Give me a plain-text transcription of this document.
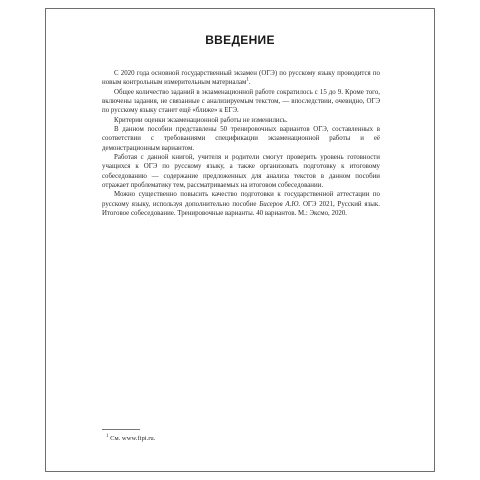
ВВЕДЕНИЕ

С 2020 года основной государственный экзамен (ОГЭ) по русскому языку проводится по новым контрольным измерительным материалам$^1$.

Общее количество заданий в экзаменационной работе сократилось с 15 до 9. Кроме того, включены задания, не связанные с анализируемым текстом, — впоследствии, очевидно, ОГЭ по русскому языку станет ещё «ближе» к ЕГЭ.

Критерии оценки экзаменационной работы не изменились.

В данном пособии представлены 50 тренировочных вариантов ОГЭ, составленных в соответствии с требованиями спецификации экзаменационной работы и её демонстрационным вариантом.

Работая с данной книгой, учителя и родители смогут проверить уровень готовности учащихся к ОГЭ по русскому языку, а также организовать подготовку к итоговому собеседованию — содержание предложенных для анализа текстов в данном пособии отражает проблематику тем, рассматриваемых на итоговом собеседовании.

Можно существенно повысить качество подготовки к государственной аттестации по русскому языку, используя дополнительно пособие Бисеров А.Ю. ОГЭ 2021, Русский язык. Итоговое собеседование. Тренировочные варианты. 40 вариантов. М.: Эксмо, 2020.

$^1$ См. www.fipi.ru.
